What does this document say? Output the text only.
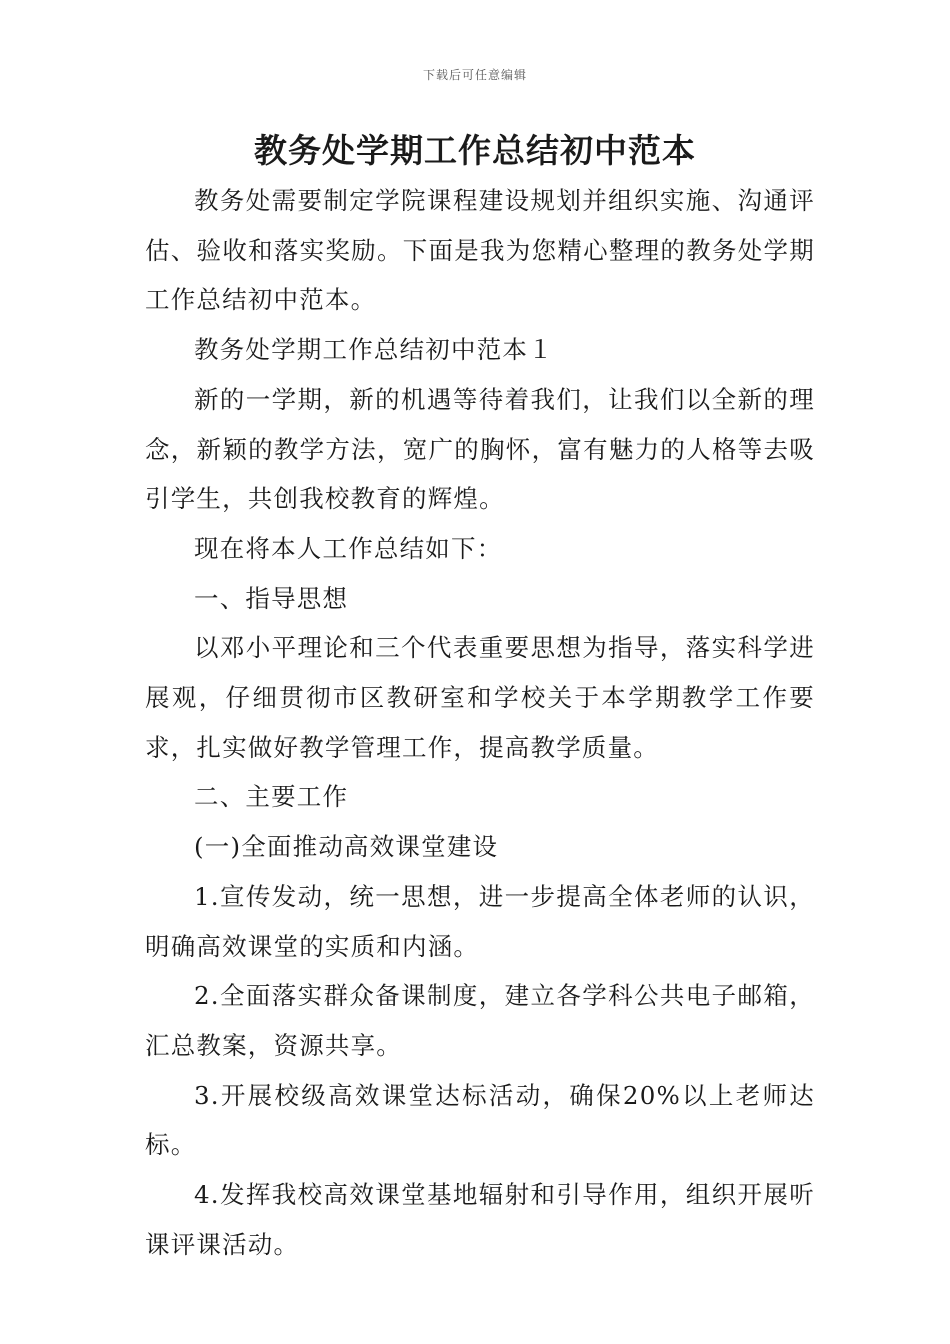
下载后可任意编辑
教务处学期工作总结初中范本

教务处需要制定学院课程建设规划并组织实施、沟通评估、验收和落实奖励。下面是我为您精心整理的教务处学期工作总结初中范本。

教务处学期工作总结初中范本１

新的一学期，新的机遇等待着我们，让我们以全新的理念，新颖的教学方法，宽广的胸怀，富有魅力的人格等去吸引学生，共创我校教育的辉煌。

现在将本人工作总结如下：

一、指导思想

以邓小平理论和三个代表重要思想为指导，落实科学进展观，仔细贯彻市区教研室和学校关于本学期教学工作要求，扎实做好教学管理工作，提高教学质量。

二、主要工作

(一)全面推动高效课堂建设

1.宣传发动，统一思想，进一步提高全体老师的认识，明确高效课堂的实质和内涵。

2.全面落实群众备课制度，建立各学科公共电子邮箱，汇总教案，资源共享。

3.开展校级高效课堂达标活动，确保20%以上老师达标。

4.发挥我校高效课堂基地辐射和引导作用，组织开展听课评课活动。
